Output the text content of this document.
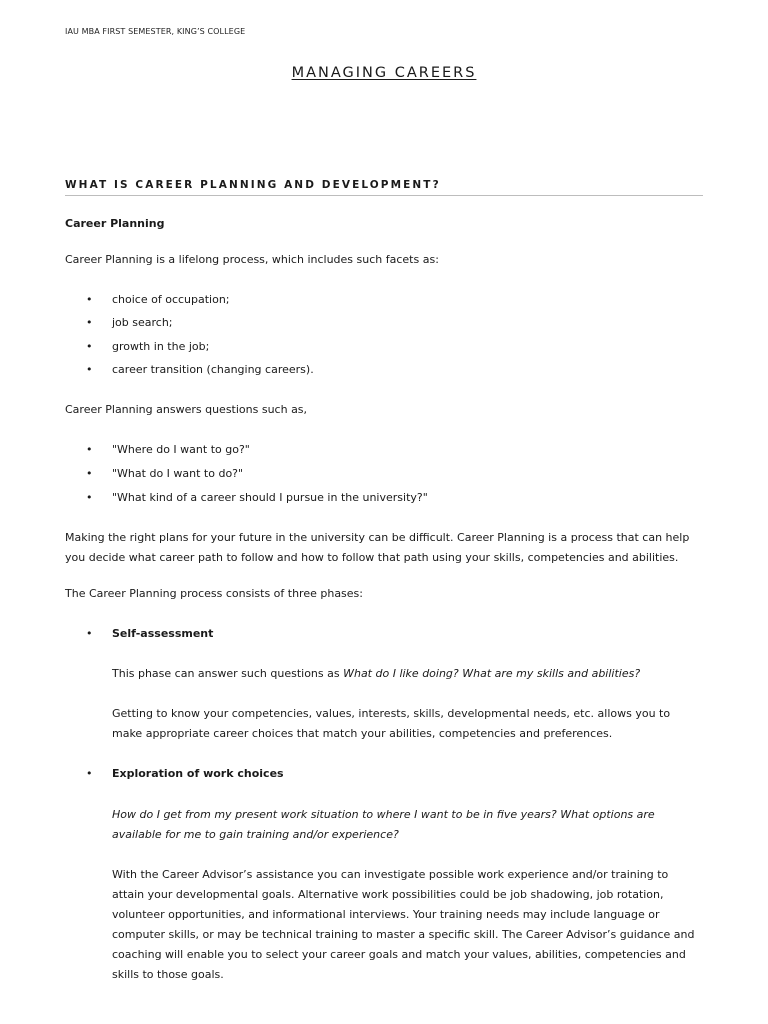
IAU MBA FIRST SEMESTER, KING’S COLLEGE
MANAGING CAREERS
WHAT IS CAREER PLANNING AND DEVELOPMENT?
Career Planning
Career Planning is a lifelong process, which includes such facets as:
• choice of occupation;
• job search;
• growth in the job;
• career transition (changing careers).
Career Planning answers questions such as,
• "Where do I want to go?"
• "What do I want to do?"
• "What kind of a career should I pursue in the university?"
Making the right plans for your future in the university can be difficult. Career Planning is a process that can help
you decide what career path to follow and how to follow that path using your skills, competencies and abilities.
The Career Planning process consists of three phases:
• Self-assessment
This phase can answer such questions as What do I like doing? What are my skills and abilities?
Getting to know your competencies, values, interests, skills, developmental needs, etc. allows you to
make appropriate career choices that match your abilities, competencies and preferences.
• Exploration of work choices
How do I get from my present work situation to where I want to be in five years? What options are
available for me to gain training and/or experience?
With the Career Advisor’s assistance you can investigate possible work experience and/or training to
attain your developmental goals. Alternative work possibilities could be job shadowing, job rotation,
volunteer opportunities, and informational interviews. Your training needs may include language or
computer skills, or may be technical training to master a specific skill. The Career Advisor’s guidance and
coaching will enable you to select your career goals and match your values, abilities, competencies and
skills to those goals.
